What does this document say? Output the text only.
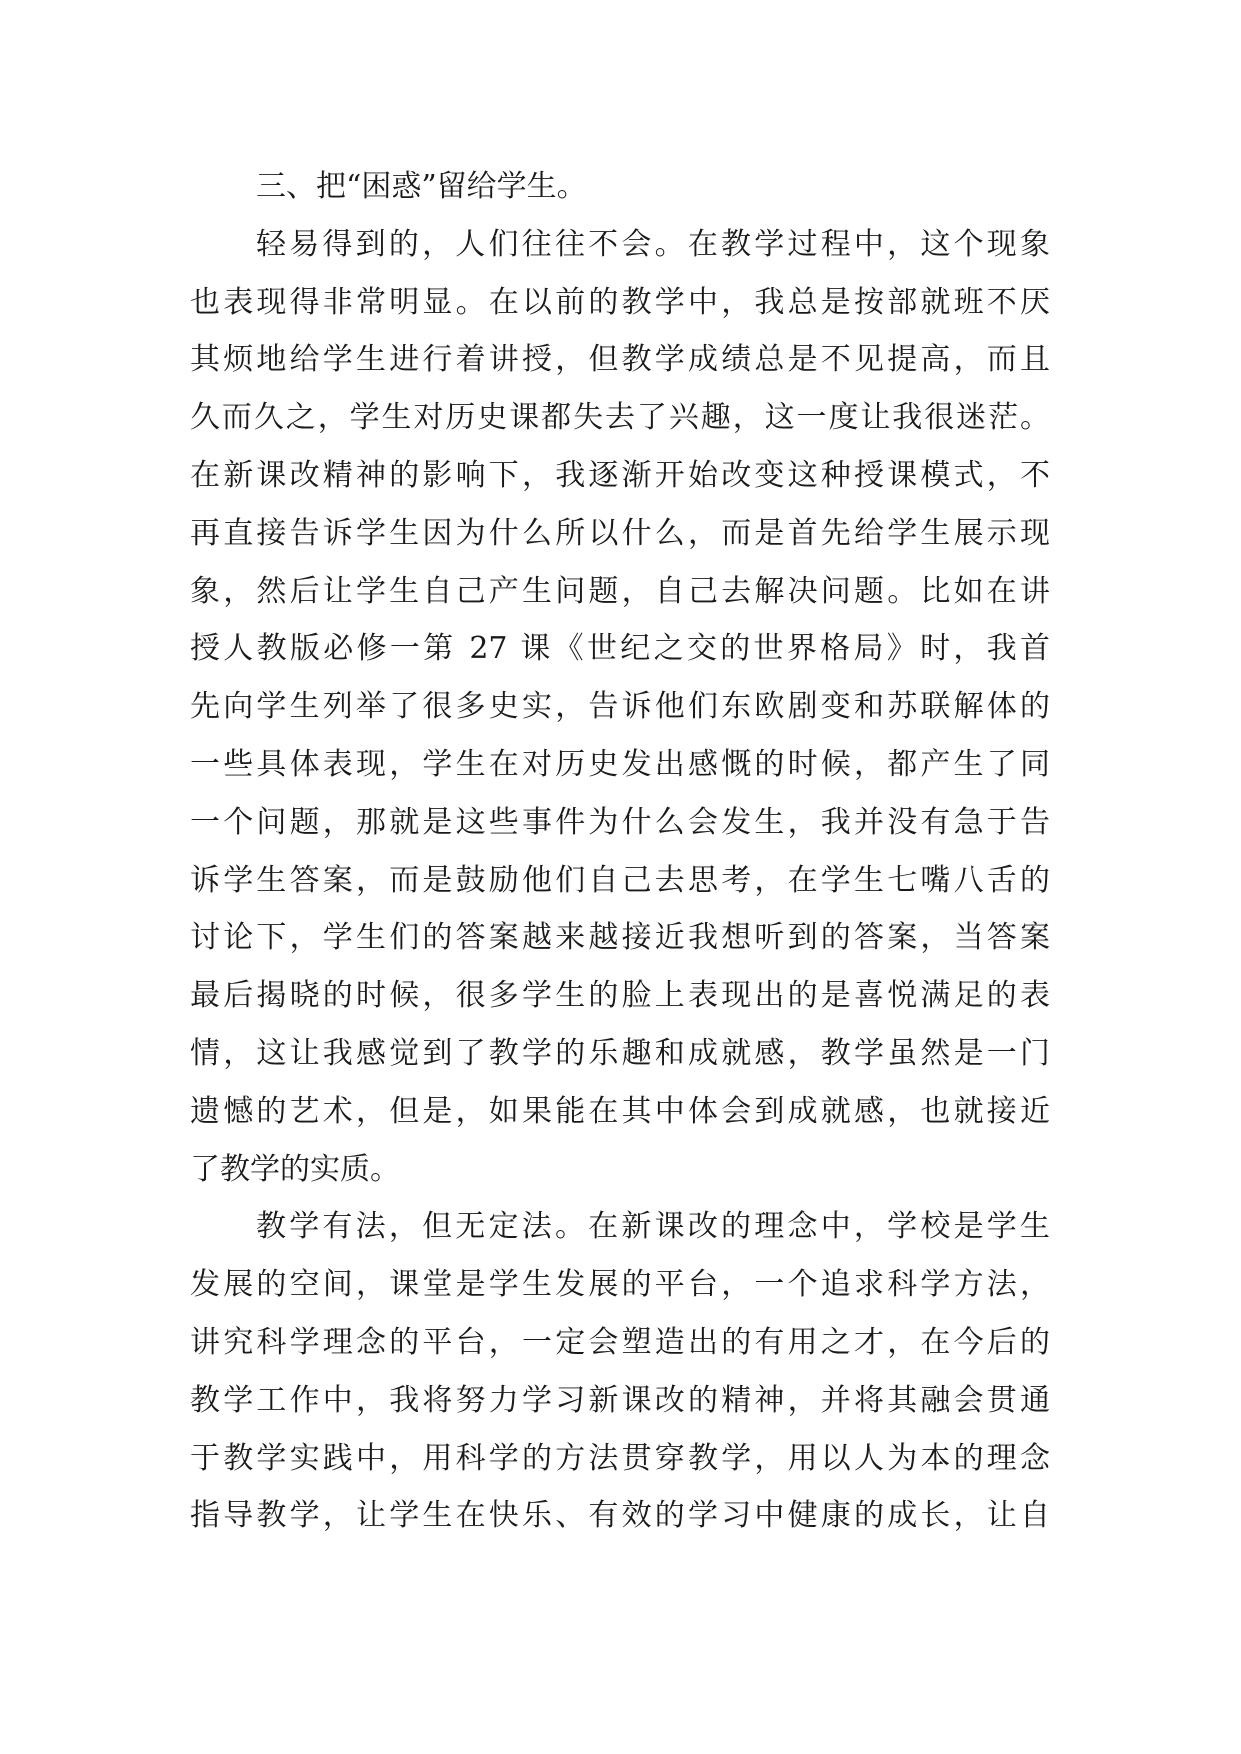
三、把“困惑”留给学生。
轻易得到的，人们往往不会。在教学过程中，这个现象
也表现得非常明显。在以前的教学中，我总是按部就班不厌
其烦地给学生进行着讲授，但教学成绩总是不见提高，而且
久而久之，学生对历史课都失去了兴趣，这一度让我很迷茫。
在新课改精神的影响下，我逐渐开始改变这种授课模式，不
再直接告诉学生因为什么所以什么，而是首先给学生展示现
象，然后让学生自己产生问题，自己去解决问题。比如在讲
授人教版必修一第 27 课《世纪之交的世界格局》时，我首
先向学生列举了很多史实，告诉他们东欧剧变和苏联解体的
一些具体表现，学生在对历史发出感慨的时候，都产生了同
一个问题，那就是这些事件为什么会发生，我并没有急于告
诉学生答案，而是鼓励他们自己去思考，在学生七嘴八舌的
讨论下，学生们的答案越来越接近我想听到的答案，当答案
最后揭晓的时候，很多学生的脸上表现出的是喜悦满足的表
情，这让我感觉到了教学的乐趣和成就感，教学虽然是一门
遗憾的艺术，但是，如果能在其中体会到成就感，也就接近
了教学的实质。
教学有法，但无定法。在新课改的理念中，学校是学生
发展的空间，课堂是学生发展的平台，一个追求科学方法，
讲究科学理念的平台，一定会塑造出的有用之才，在今后的
教学工作中，我将努力学习新课改的精神，并将其融会贯通
于教学实践中，用科学的方法贯穿教学，用以人为本的理念
指导教学，让学生在快乐、有效的学习中健康的成长，让自
